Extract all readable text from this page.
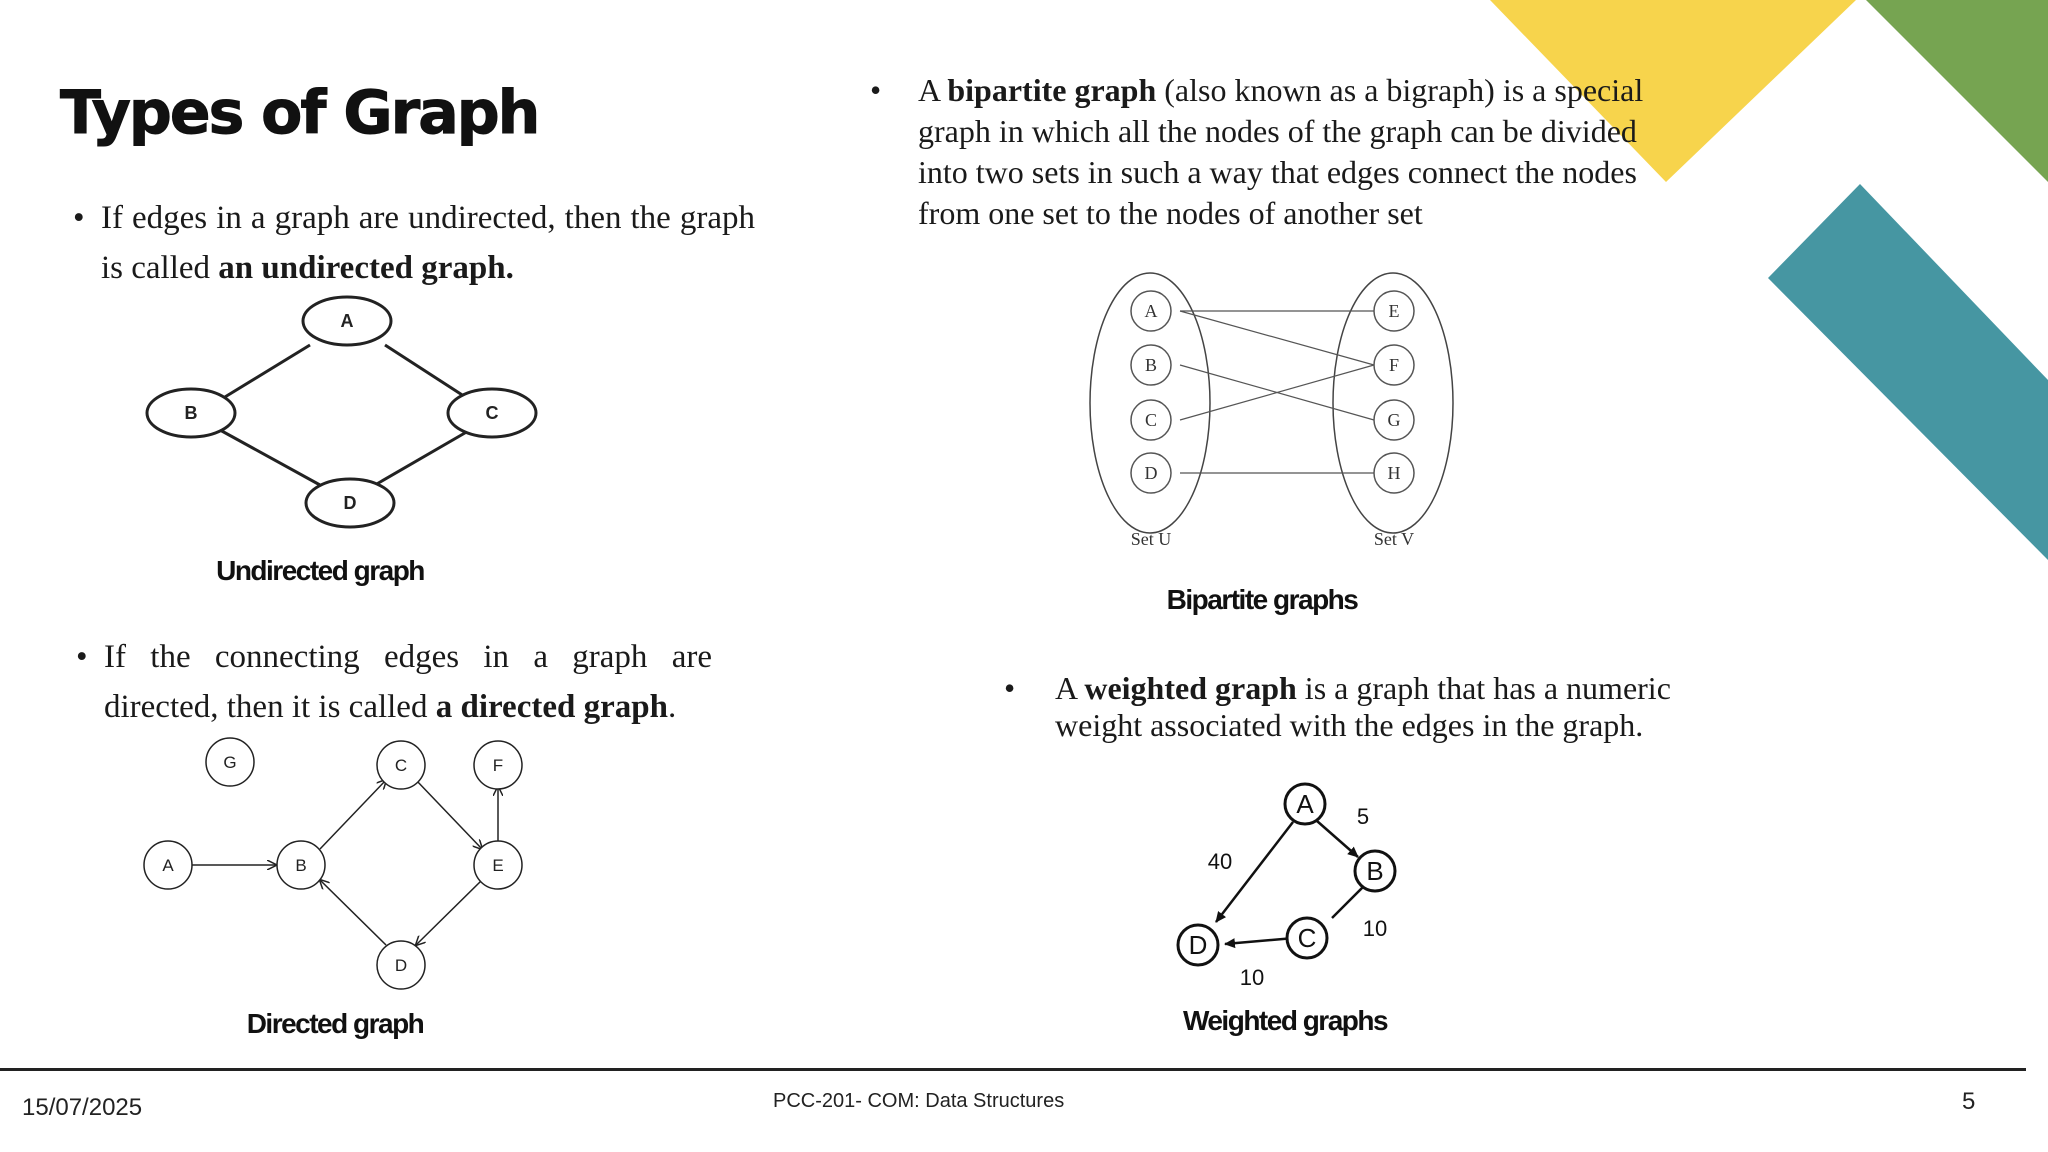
Types of Graph
• If edges in a graph are undirected, then the graph is called an undirected graph.
A
B	C
D
Undirected graph
• If the connecting edges in a graph are directed, then it is called a directed graph.
G	C	F
A	B	E
D
Directed graph
• A bipartite graph (also known as a bigraph) is a special graph in which all the nodes of the graph can be divided into two sets in such a way that edges connect the nodes from one set to the nodes of another set
A
B
C
D
E
F
G
H
Set U	Set V
Bipartite graphs
• A weighted graph is a graph that has a numeric weight associated with the edges in the graph.
A
B
C
D
5
40
10
10
Weighted graphs
15/07/2025	PCC-201- COM: Data Structures	5
